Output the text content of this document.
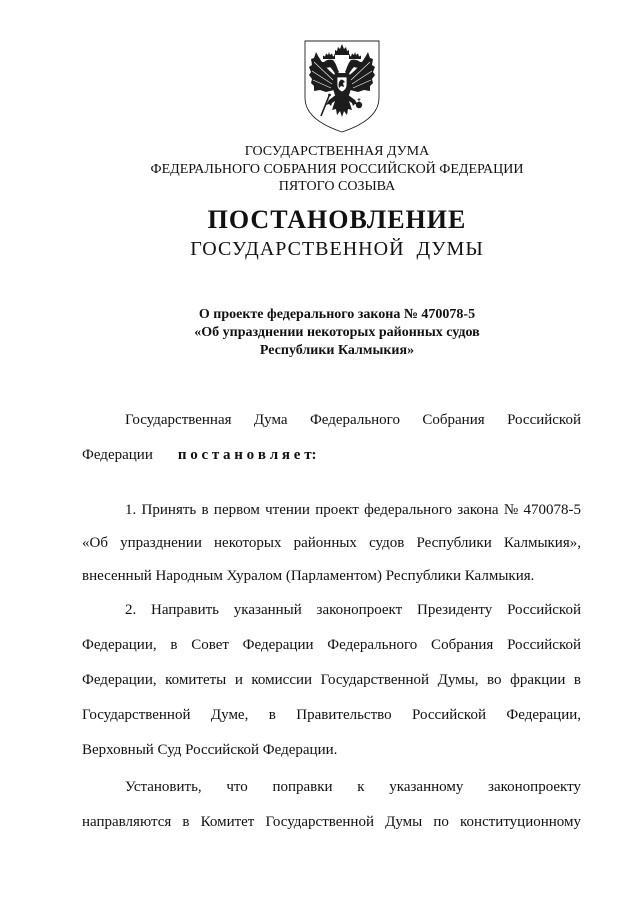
ГОСУДАРСТВЕННАЯ ДУМА
ФЕДЕРАЛЬНОГО СОБРАНИЯ РОССИЙСКОЙ ФЕДЕРАЦИИ
ПЯТОГО СОЗЫВА
ПОСТАНОВЛЕНИЕ
ГОСУДАРСТВЕННОЙ ДУМЫ
О проекте федерального закона № 470078-5
«Об упразднении некоторых районных судов
Республики Калмыкия»
Государственная Дума Федерального Собрания Российской
Федерации п о с т а н о в л я е т:
1. Принять в первом чтении проект федерального закона № 470078-5
«Об упразднении некоторых районных судов Республики Калмыкия»,
внесенный Народным Хуралом (Парламентом) Республики Калмыкия.
2. Направить указанный законопроект Президенту Российской
Федерации, в Совет Федерации Федерального Собрания Российской
Федерации, комитеты и комиссии Государственной Думы, во фракции в
Государственной Думе, в Правительство Российской Федерации,
Верховный Суд Российской Федерации.
Установить, что поправки к указанному законопроекту
направляются в Комитет Государственной Думы по конституционному
